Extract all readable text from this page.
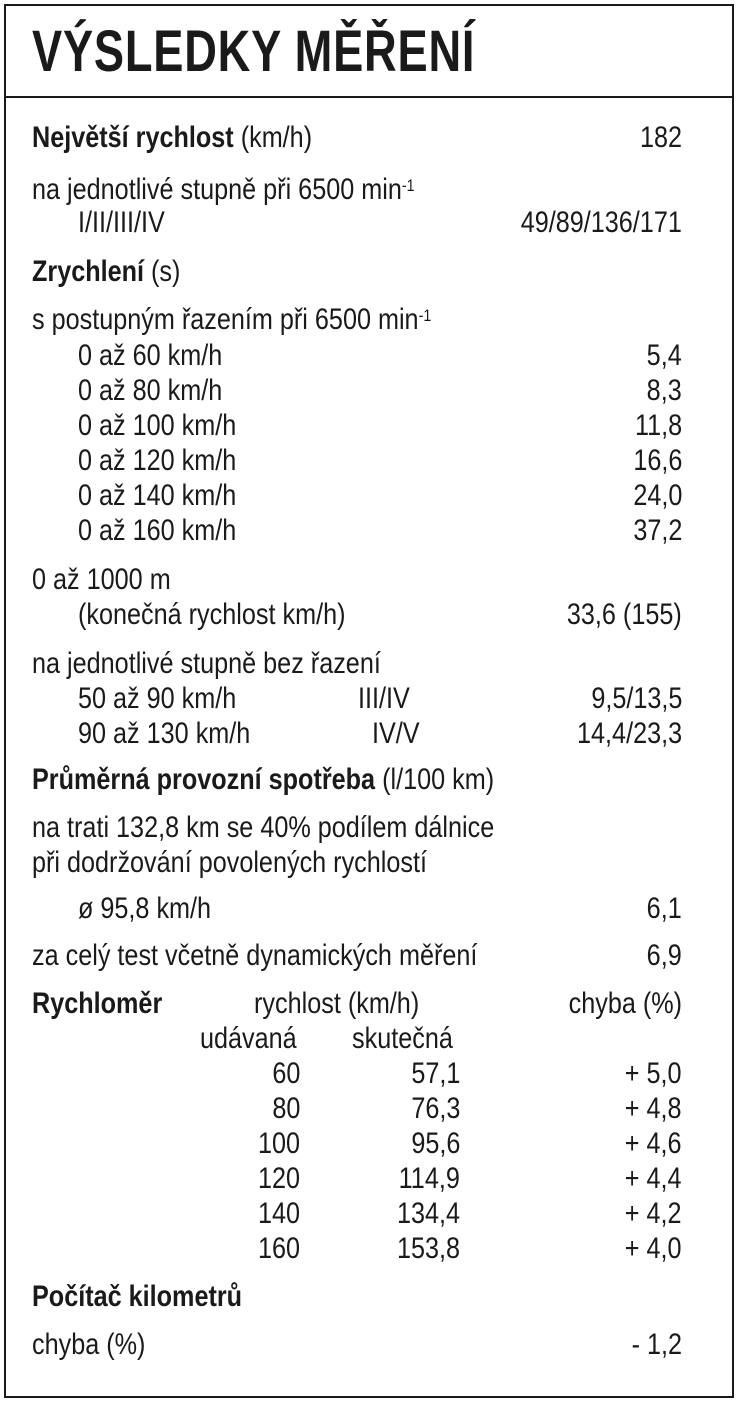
VÝSLEDKY MĚŘENÍ
Největší rychlost (km/h)	182
na jednotlivé stupně při 6500 $\min^{-1}$
I/II/III/IV	49/89/136/171
Zrychlení (s)
s postupným řazením při 6500 $\min^{-1}$
0 až 60 km/h	5,4
0 až 80 km/h	8,3
0 až 100 km/h	11,8
0 až 120 km/h	16,6
0 až 140 km/h	24,0
0 až 160 km/h	37,2
0 až 1000 m
(konečná rychlost km/h)	33,6 (155)
na jednotlivé stupně bez řazení
50 až 90 km/h	III/IV	9,5/13,5
90 až 130 km/h	IV/V	14,4/23,3
Průměrná provozní spotřeba (l/100 km)
na trati 132,8 km se 40% podílem dálnice
při dodržování povolených rychlostí
ø 95,8 km/h	6,1
za celý test včetně dynamických měření	6,9
Rychloměr	rychlost (km/h)	chyba (%)
udávaná skutečná
60	57,1	+ 5,0
80	76,3	+ 4,8
100	95,6	+ 4,6
120	114,9	+ 4,4
140	134,4	+ 4,2
160	153,8	+ 4,0
Počítač kilometrů
chyba (%)	- 1,2
